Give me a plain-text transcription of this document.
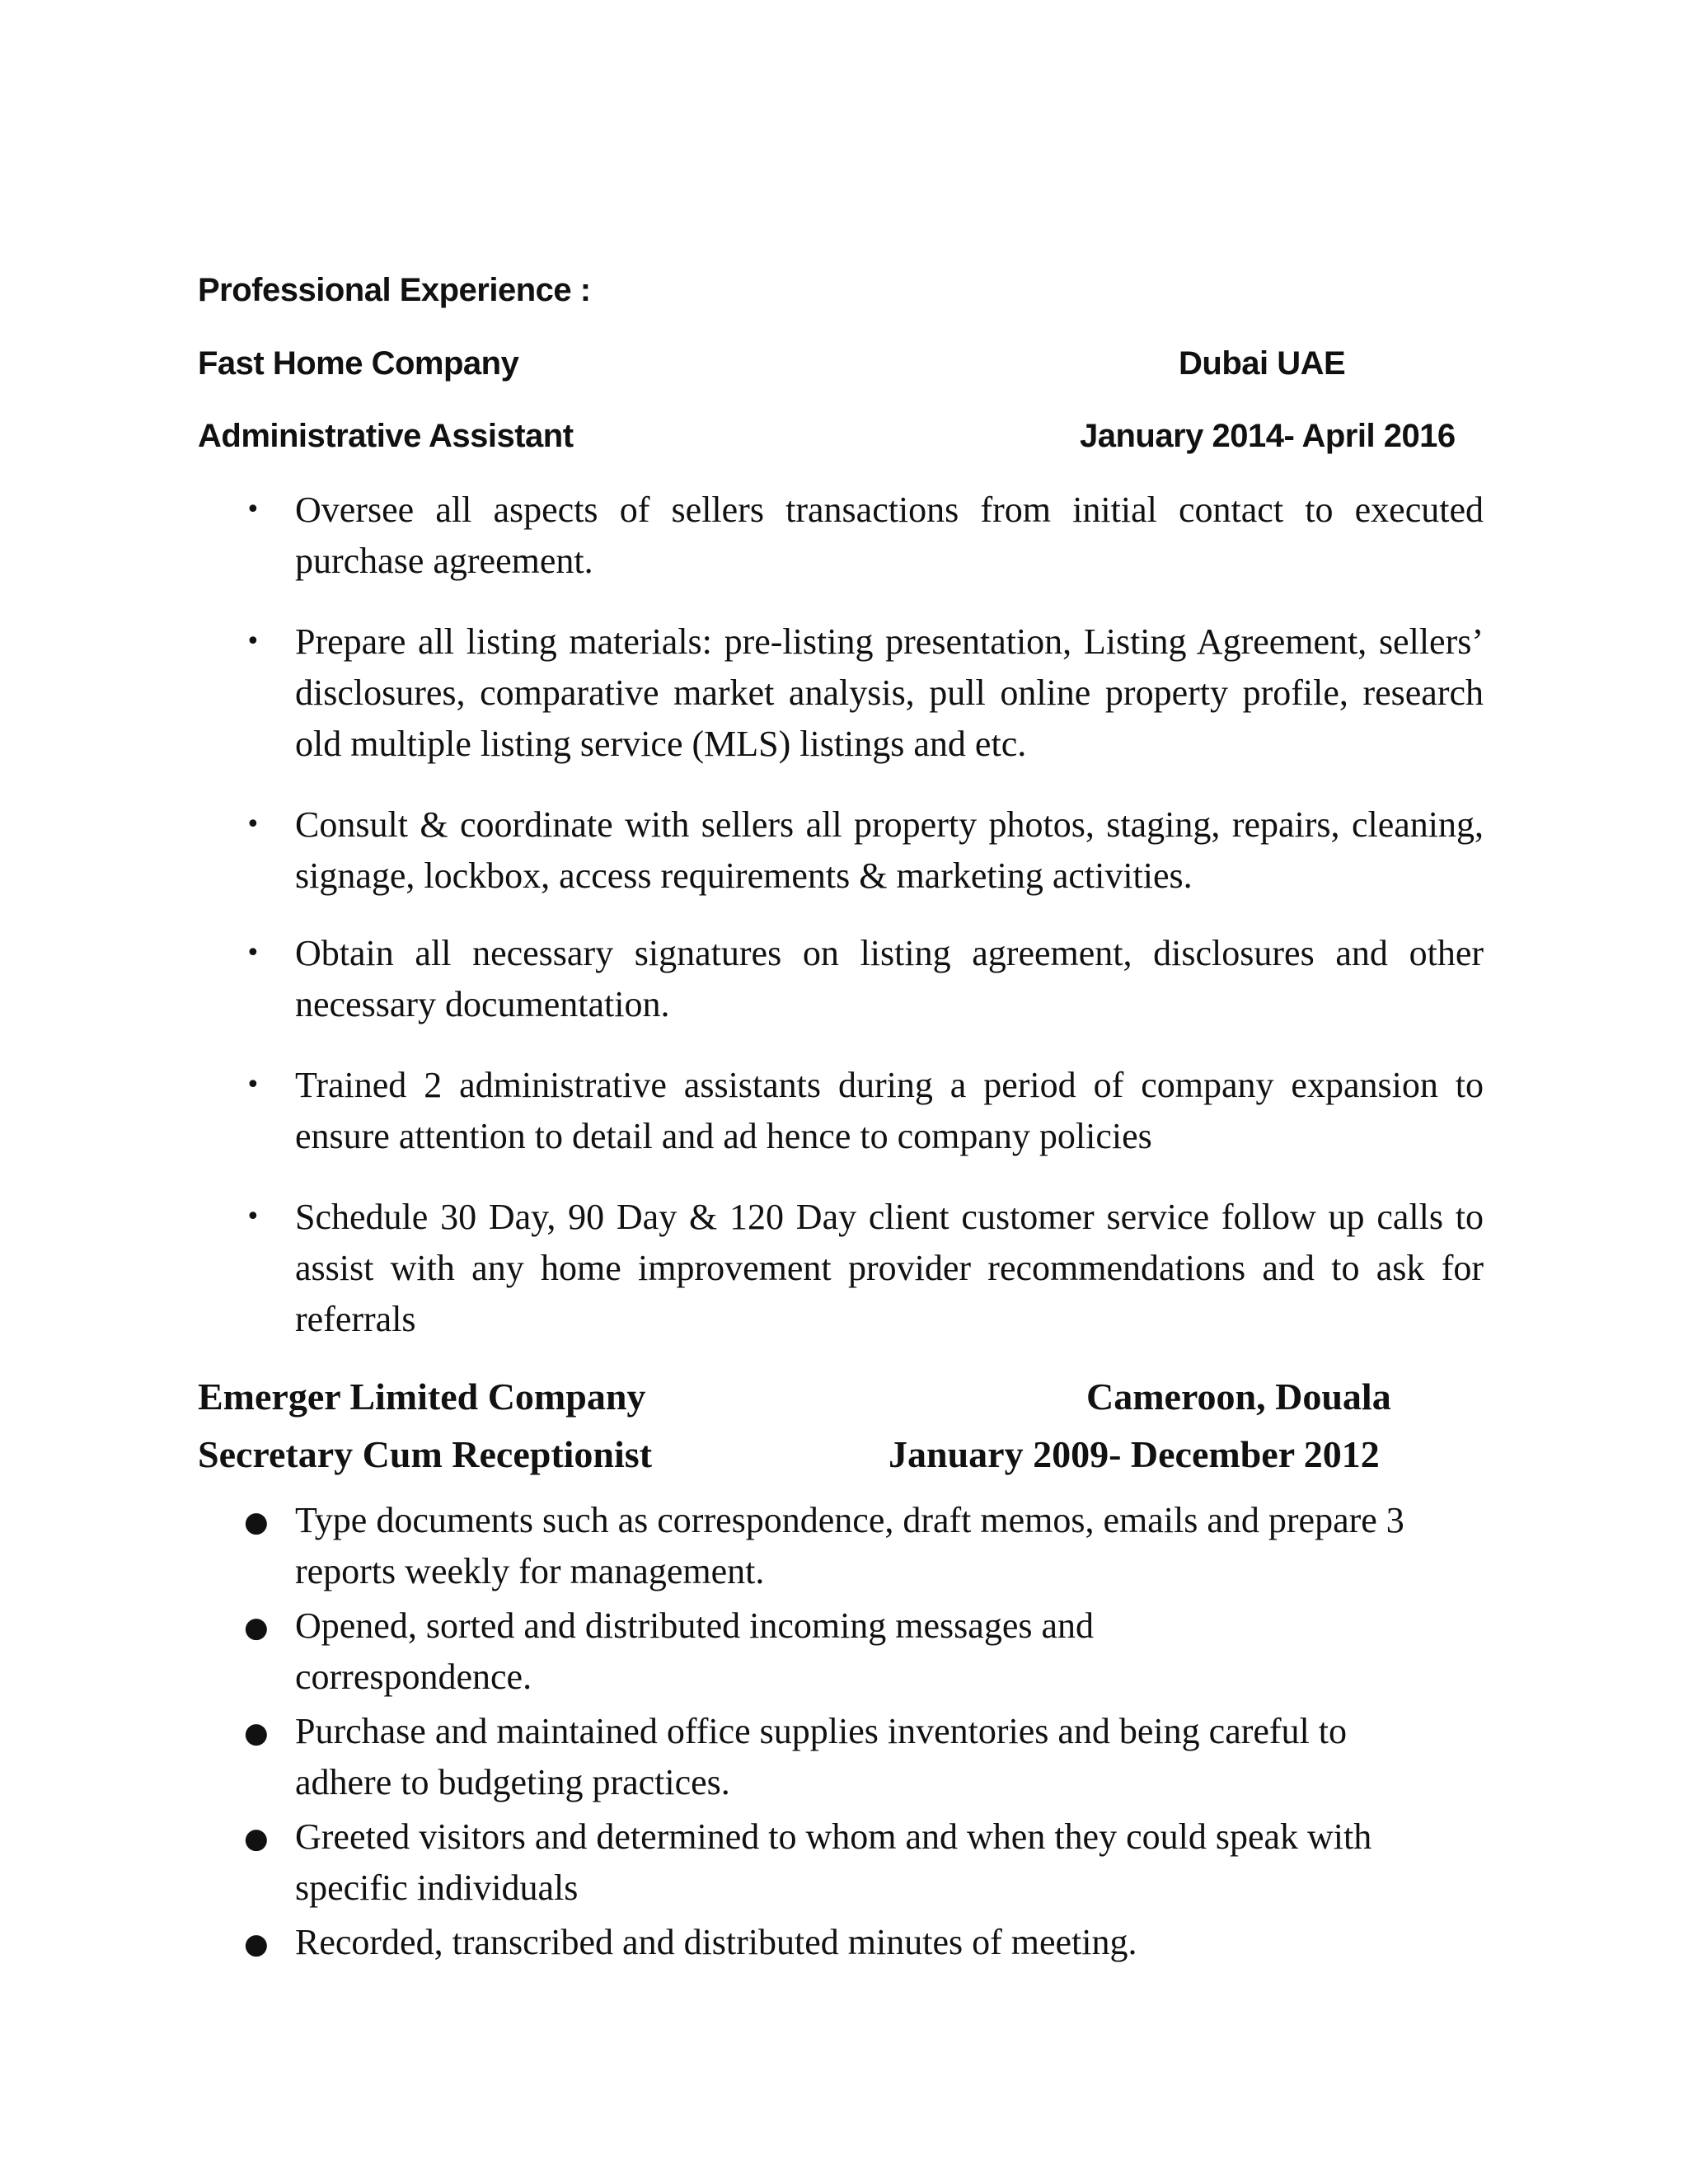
Professional Experience :
Fast Home Company	Dubai UAE
Administrative Assistant	January 2014- April 2016
• Oversee all aspects of sellers transactions from initial contact to executed purchase agreement.

• Prepare all listing materials: pre-listing presentation, Listing Agreement, sellers’ disclosures, comparative market analysis, pull online property profile, research old multiple listing service (MLS) listings and etc.

• Consult & coordinate with sellers all property photos, staging, repairs, cleaning, signage, lockbox, access requirements & marketing activities.

• Obtain all necessary signatures on listing agreement, disclosures and other necessary documentation.

• Trained 2 administrative assistants during a period of company expansion to ensure attention to detail and ad hence to company policies

• Schedule 30 Day, 90 Day & 120 Day client customer service follow up calls to assist with any home improvement provider recommendations and to ask for referrals

Emerger Limited Company	Cameroon, Douala
Secretary Cum Receptionist	January 2009- December 2012
● Type documents such as correspondence, draft memos, emails and prepare 3 reports weekly for management.

● Opened, sorted and distributed incoming messages and correspondence.

● Purchase and maintained office supplies inventories and being careful to adhere to budgeting practices.

● Greeted visitors and determined to whom and when they could speak with specific individuals

● Recorded, transcribed and distributed minutes of meeting.
